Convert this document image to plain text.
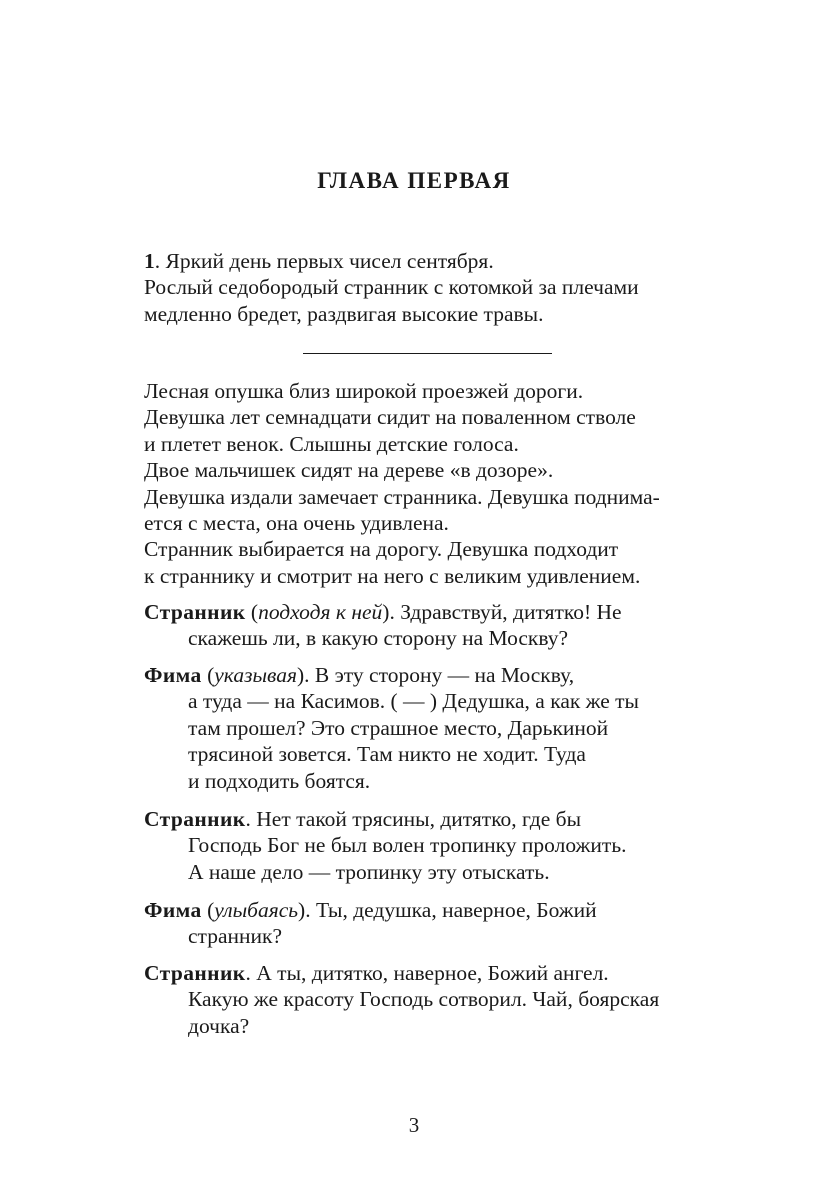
ГЛАВА ПЕРВАЯ
1. Яркий день первых чисел сентября.
Рослый седобородый странник с котомкой за плечами
медленно бредет, раздвигая высокие травы.
Лесная опушка близ широкой проезжей дороги.
Девушка лет семнадцати сидит на поваленном стволе
и плетет венок. Слышны детские голоса.
Двое мальчишек сидят на дереве «в дозоре».
Девушка издали замечает странника. Девушка поднима-
ется с места, она очень удивлена.
Странник выбирается на дорогу. Девушка подходит
к страннику и смотрит на него с великим удивлением.
Странник (подходя к ней). Здравствуй, дитятко! Не
скажешь ли, в какую сторону на Москву?
Фима (указывая). В эту сторону — на Москву,
а туда — на Касимов. ( — ) Дедушка, а как же ты
там прошел? Это страшное место, Дарькиной
трясиной зовется. Там никто не ходит. Туда
и подходить боятся.
Странник. Нет такой трясины, дитятко, где бы
Господь Бог не был волен тропинку проложить.
А наше дело — тропинку эту отыскать.
Фима (улыбаясь). Ты, дедушка, наверное, Божий
странник?
Странник. А ты, дитятко, наверное, Божий ангел.
Какую же красоту Господь сотворил. Чай, боярская
дочка?
3
